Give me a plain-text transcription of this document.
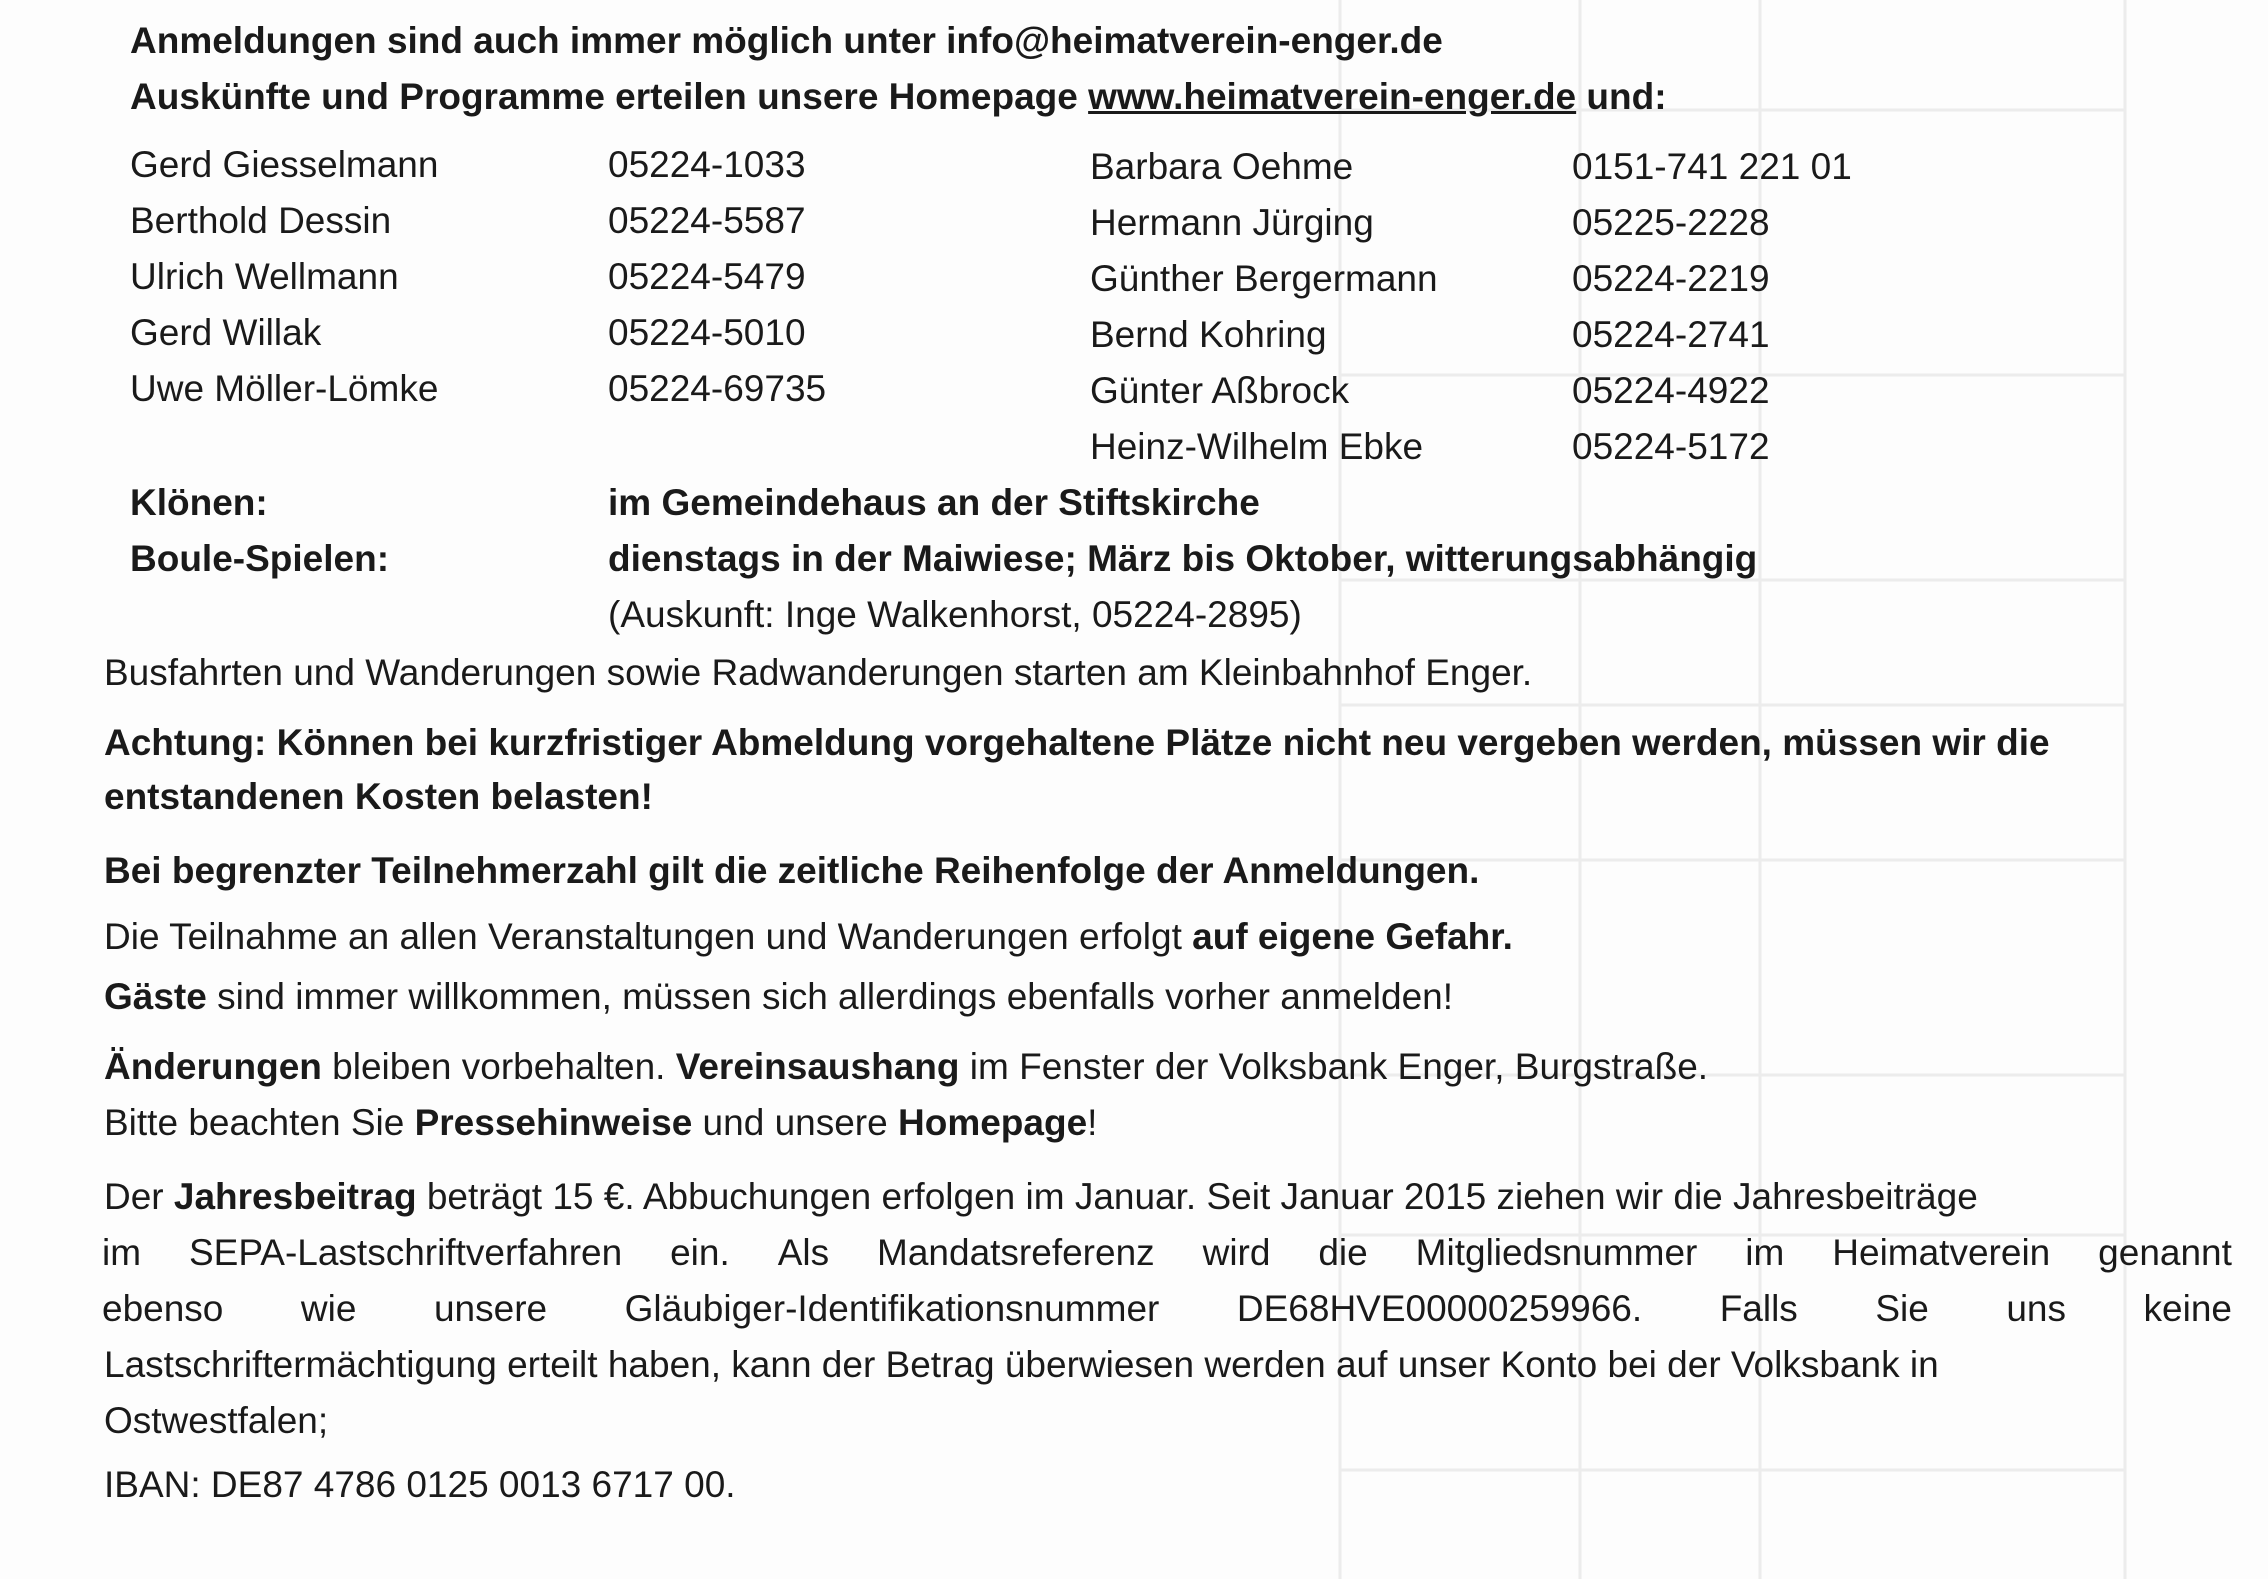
Anmeldungen sind auch immer möglich unter info@heimatverein-enger.de
Auskünfte und Programme erteilen unsere Homepage www.heimatverein-enger.de und:
Gerd Giesselmann	05224-1033
Berthold Dessin	05224-5587
Ulrich Wellmann	05224-5479
Gerd Willak	05224-5010
Uwe Möller-Lömke	05224-69735
Barbara Oehme	0151-741 221 01
Hermann Jürging	05225-2228
Günther Bergermann	05224-2219
Bernd Kohring	05224-2741
Günter Aßbrock	05224-4922
Heinz-Wilhelm Ebke	05224-5172
Klönen:	im Gemeindehaus an der Stiftskirche
Boule-Spielen:	dienstags in der Maiwiese; März bis Oktober, witterungsabhängig
(Auskunft: Inge Walkenhorst, 05224-2895)
Busfahrten und Wanderungen sowie Radwanderungen starten am Kleinbahnhof Enger.
Achtung: Können bei kurzfristiger Abmeldung vorgehaltene Plätze nicht neu vergeben werden, müssen wir die
entstandenen Kosten belasten!
Bei begrenzter Teilnehmerzahl gilt die zeitliche Reihenfolge der Anmeldungen.
Die Teilnahme an allen Veranstaltungen und Wanderungen erfolgt auf eigene Gefahr.
Gäste sind immer willkommen, müssen sich allerdings ebenfalls vorher anmelden!
Änderungen bleiben vorbehalten. Vereinsaushang im Fenster der Volksbank Enger, Burgstraße.
Bitte beachten Sie Pressehinweise und unsere Homepage!
Der Jahresbeitrag beträgt 15 €. Abbuchungen erfolgen im Januar. Seit Januar 2015 ziehen wir die Jahresbeiträge
im SEPA-Lastschriftverfahren ein. Als Mandatsreferenz wird die Mitgliedsnummer im Heimatverein genannt
ebenso wie unsere Gläubiger-Identifikationsnummer DE68HVE00000259966. Falls Sie uns keine
Lastschriftermächtigung erteilt haben, kann der Betrag überwiesen werden auf unser Konto bei der Volksbank in
Ostwestfalen;
IBAN: DE87 4786 0125 0013 6717 00.
